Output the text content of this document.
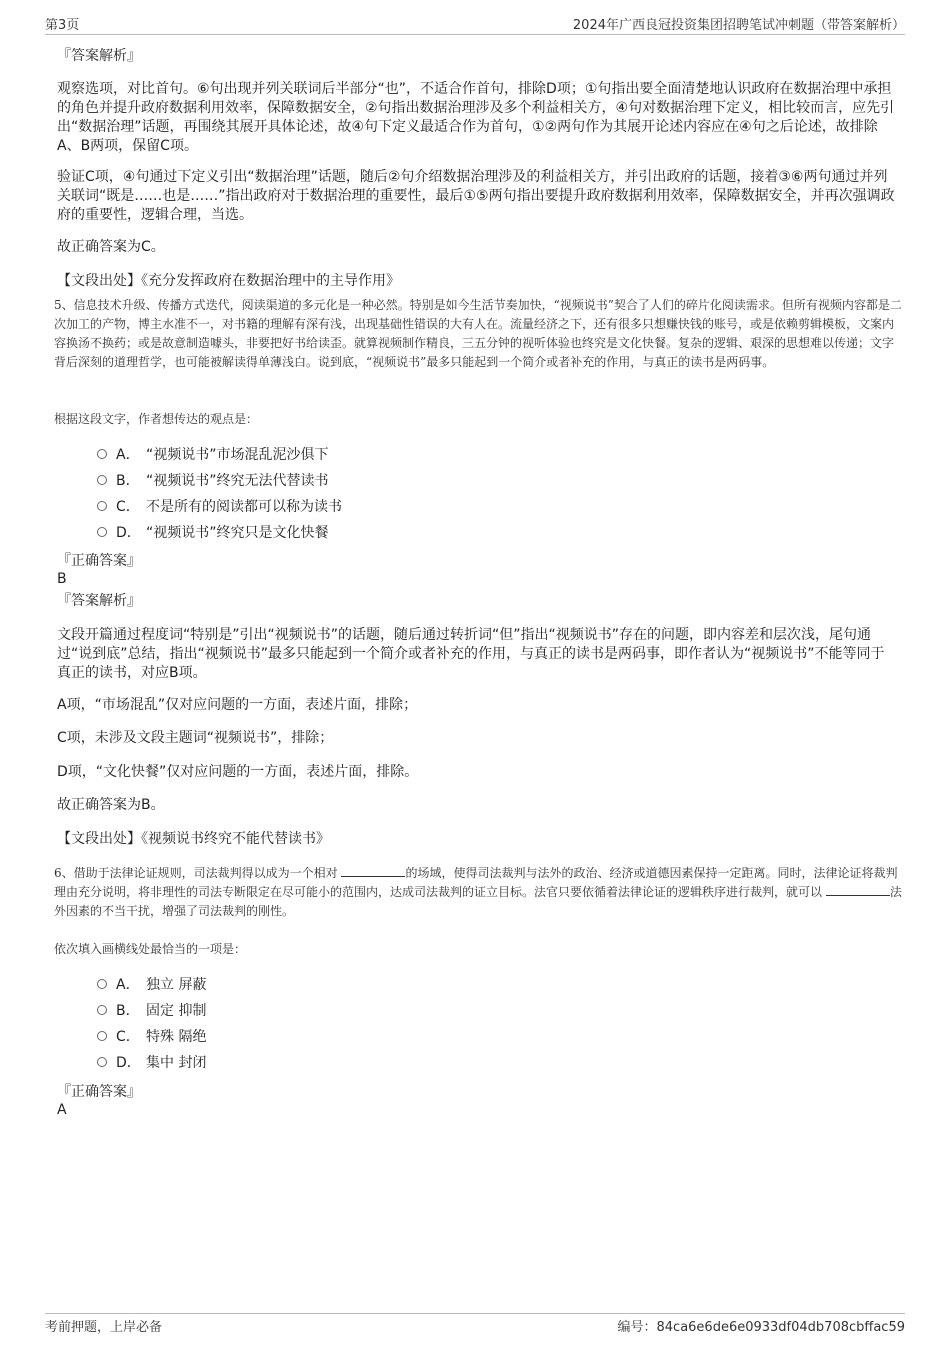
第3页	2024年广西良冠投资集团招聘笔试冲刺题（带答案解析）
『答案解析』
观察选项，对比首句。⑥句出现并列关联词后半部分“也”，不适合作首句，排除D项；①句指出要全面清楚地认识政府在数据治理中承担的角色并提升政府数据利用效率，保障数据安全，②句指出数据治理涉及多个利益相关方，④句对数据治理下定义，相比较而言，应先引出“数据治理”话题，再围绕其展开具体论述，故④句下定义最适合作为首句，①②两句作为其展开论述内容应在④句之后论述，故排除A、B两项，保留C项。
验证C项，④句通过下定义引出“数据治理”话题，随后②句介绍数据治理涉及的利益相关方，并引出政府的话题，接着③⑥两句通过并列关联词“既是……也是……”指出政府对于数据治理的重要性，最后①⑤两句指出要提升政府数据利用效率，保障数据安全，并再次强调政府的重要性，逻辑合理，当选。
故正确答案为C。
【文段出处】《充分发挥政府在数据治理中的主导作用》
5、信息技术升级、传播方式迭代，阅读渠道的多元化是一种必然。特别是如今生活节奏加快，“视频说书”契合了人们的碎片化阅读需求。但所有视频内容都是二次加工的产物，博主水准不一，对书籍的理解有深有浅，出现基础性错误的大有人在。流量经济之下，还有很多只想赚快钱的账号，或是依赖剪辑模板，文案内容换汤不换药；或是故意制造噱头，非要把好书给读歪。就算视频制作精良，三五分钟的视听体验也终究是文化快餐。复杂的逻辑、艰深的思想难以传递；文字背后深刻的道理哲学，也可能被解读得单薄浅白。说到底，“视频说书”最多只能起到一个简介或者补充的作用，与真正的读书是两码事。
根据这段文字，作者想传达的观点是：
A． “视频说书”市场混乱泥沙俱下
B． “视频说书”终究无法代替读书
C． 不是所有的阅读都可以称为读书
D． “视频说书”终究只是文化快餐
『正确答案』
B
『答案解析』
文段开篇通过程度词“特别是”引出“视频说书”的话题，随后通过转折词“但”指出“视频说书”存在的问题，即内容差和层次浅，尾句通过“说到底”总结，指出“视频说书”最多只能起到一个简介或者补充的作用，与真正的读书是两码事，即作者认为“视频说书”不能等同于真正的读书，对应B项。
A项，“市场混乱”仅对应问题的一方面，表述片面，排除；
C项，未涉及文段主题词“视频说书”，排除；
D项，“文化快餐”仅对应问题的一方面，表述片面，排除。
故正确答案为B。
【文段出处】《视频说书终究不能代替读书》
6、借助于法律论证规则，司法裁判得以成为一个相对	的场域，使得司法裁判与法外的政治、经济或道德因素保持一定距离。同时，法律论证将裁判理由充分说明，将非理性的司法专断限定在尽可能小的范围内，达成司法裁判的证立目标。法官只要依循着法律论证的逻辑秩序进行裁判，就可以	法外因素的不当干扰，增强了司法裁判的刚性。
依次填入画横线处最恰当的一项是：
A． 独立 屏蔽
B． 固定 抑制
C． 特殊 隔绝
D． 集中 封闭
『正确答案』
A
考前押题，上岸必备	编号：84ca6e6de6e0933df04db708cbffac59
